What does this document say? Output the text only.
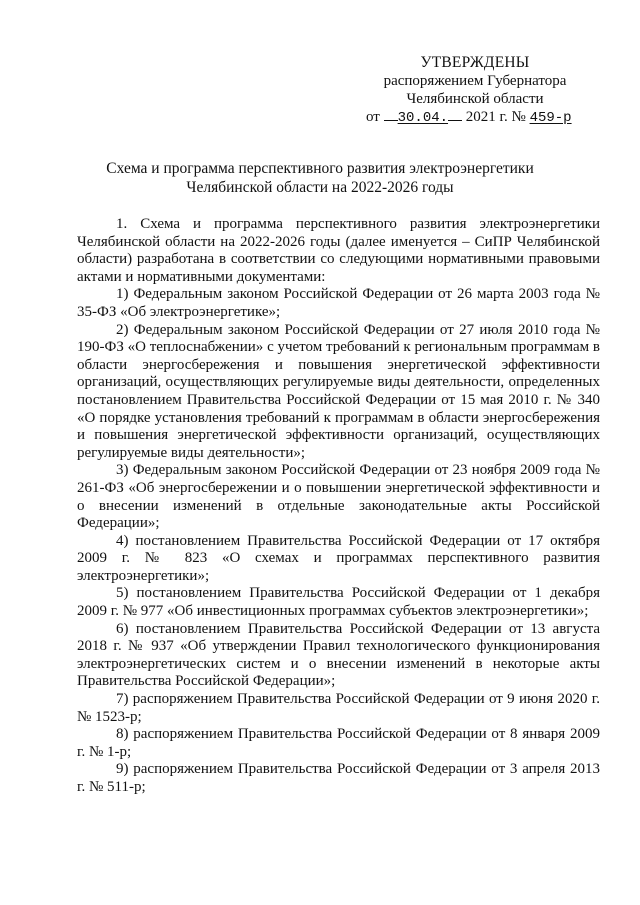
УТВЕРЖДЕНЫ
распоряжением Губернатора
Челябинской области
от 30.04. 2021 г. № 459-р
Схема и программа перспективного развития электроэнергетики
Челябинской области на 2022-2026 годы

1. Схема и программа перспективного развития электроэнергетики Челябинской области на 2022-2026 годы (далее именуется – СиПР Челябинской области) разработана в соответствии со следующими нормативными правовыми актами и нормативными документами:

1) Федеральным законом Российской Федерации от 26 марта 2003 года № 35-ФЗ «Об электроэнергетике»;

2) Федеральным законом Российской Федерации от 27 июля 2010 года № 190-ФЗ «О теплоснабжении» с учетом требований к региональным программам в области энергосбережения и повышения энергетической эффективности организаций, осуществляющих регулируемые виды деятельности, определенных постановлением Правительства Российской Федерации от 15 мая 2010 г. № 340 «О порядке установления требований к программам в области энергосбережения и повышения энергетической эффективности организаций, осуществляющих регулируемые виды деятельности»;

3) Федеральным законом Российской Федерации от 23 ноября 2009 года № 261-ФЗ «Об энергосбережении и о повышении энергетической эффективности и о внесении изменений в отдельные законодательные акты Российской Федерации»;

4) постановлением Правительства Российской Федерации от 17 октября 2009 г. № 823 «О схемах и программах перспективного развития электроэнергетики»;

5) постановлением Правительства Российской Федерации от 1 декабря 2009 г. № 977 «Об инвестиционных программах субъектов электроэнергетики»;

6) постановлением Правительства Российской Федерации от 13 августа 2018 г. № 937 «Об утверждении Правил технологического функционирования электроэнергетических систем и о внесении изменений в некоторые акты Правительства Российской Федерации»;

7) распоряжением Правительства Российской Федерации от 9 июня 2020 г. № 1523-р;

8) распоряжением Правительства Российской Федерации от 8 января 2009 г. № 1-р;

9) распоряжением Правительства Российской Федерации от 3 апреля 2013 г. № 511-р;
